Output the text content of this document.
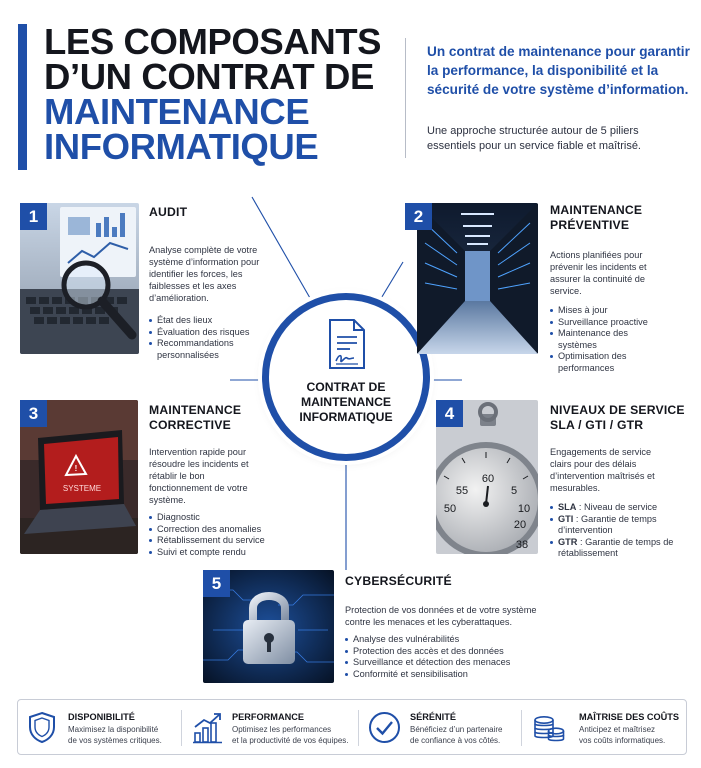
LES COMPOSANTS
D’UN CONTRAT DE
MAINTENANCE
INFORMATIQUE

Un contrat de maintenance pour garantir la performance, la disponibilité et la sécurité de votre système d’information.

Une approche structurée autour de 5 piliers essentiels pour un service fiable et maîtrisé.

CONTRAT DE
MAINTENANCE
INFORMATIQUE
1	AUDIT

Analyse complète de votre système d’information pour identifier les forces, les faiblesses et les axes d’amélioration.

État des lieux
Évaluation des risques
Recommandations personnalisées
2	MAINTENANCE
PRÉVENTIVE

Actions planifiées pour prévenir les incidents et assurer la continuité de service.

Mises à jour
Surveillance proactive
Maintenance des systèmes
Optimisation des performances
!
SYSTEME
3	MAINTENANCE
CORRECTIVE

Intervention rapide pour résoudre les incidents et rétablir le bon fonctionnement de votre système.

Diagnostic
Correction des anomalies
Rétablissement du service
Suivi et compte rendu
55
60
5
50	10
20
38
4	NIVEAUX DE SERVICE
SLA / GTI / GTR

Engagements de service clairs pour des délais d’intervention maîtrisés et mesurables.

SLA : Niveau de service
GTI : Garantie de temps d’intervention
GTR : Garantie de temps de rétablissement
5	CYBERSÉCURITÉ

Protection de vos données et de votre système contre les menaces et les cyberattaques.

Analyse des vulnérabilités
Protection des accès et des données
Surveillance et détection des menaces
Conformité et sensibilisation
DISPONIBILITÉ
Maximisez la disponibilité
de vos systèmes critiques.
PERFORMANCE
Optimisez les performances
et la productivité de vos équipes.
SÉRÉNITÉ
Bénéficiez d’un partenaire
de confiance à vos côtés.
MAÎTRISE DES COÛTS
Anticipez et maîtrisez
vos coûts informatiques.
